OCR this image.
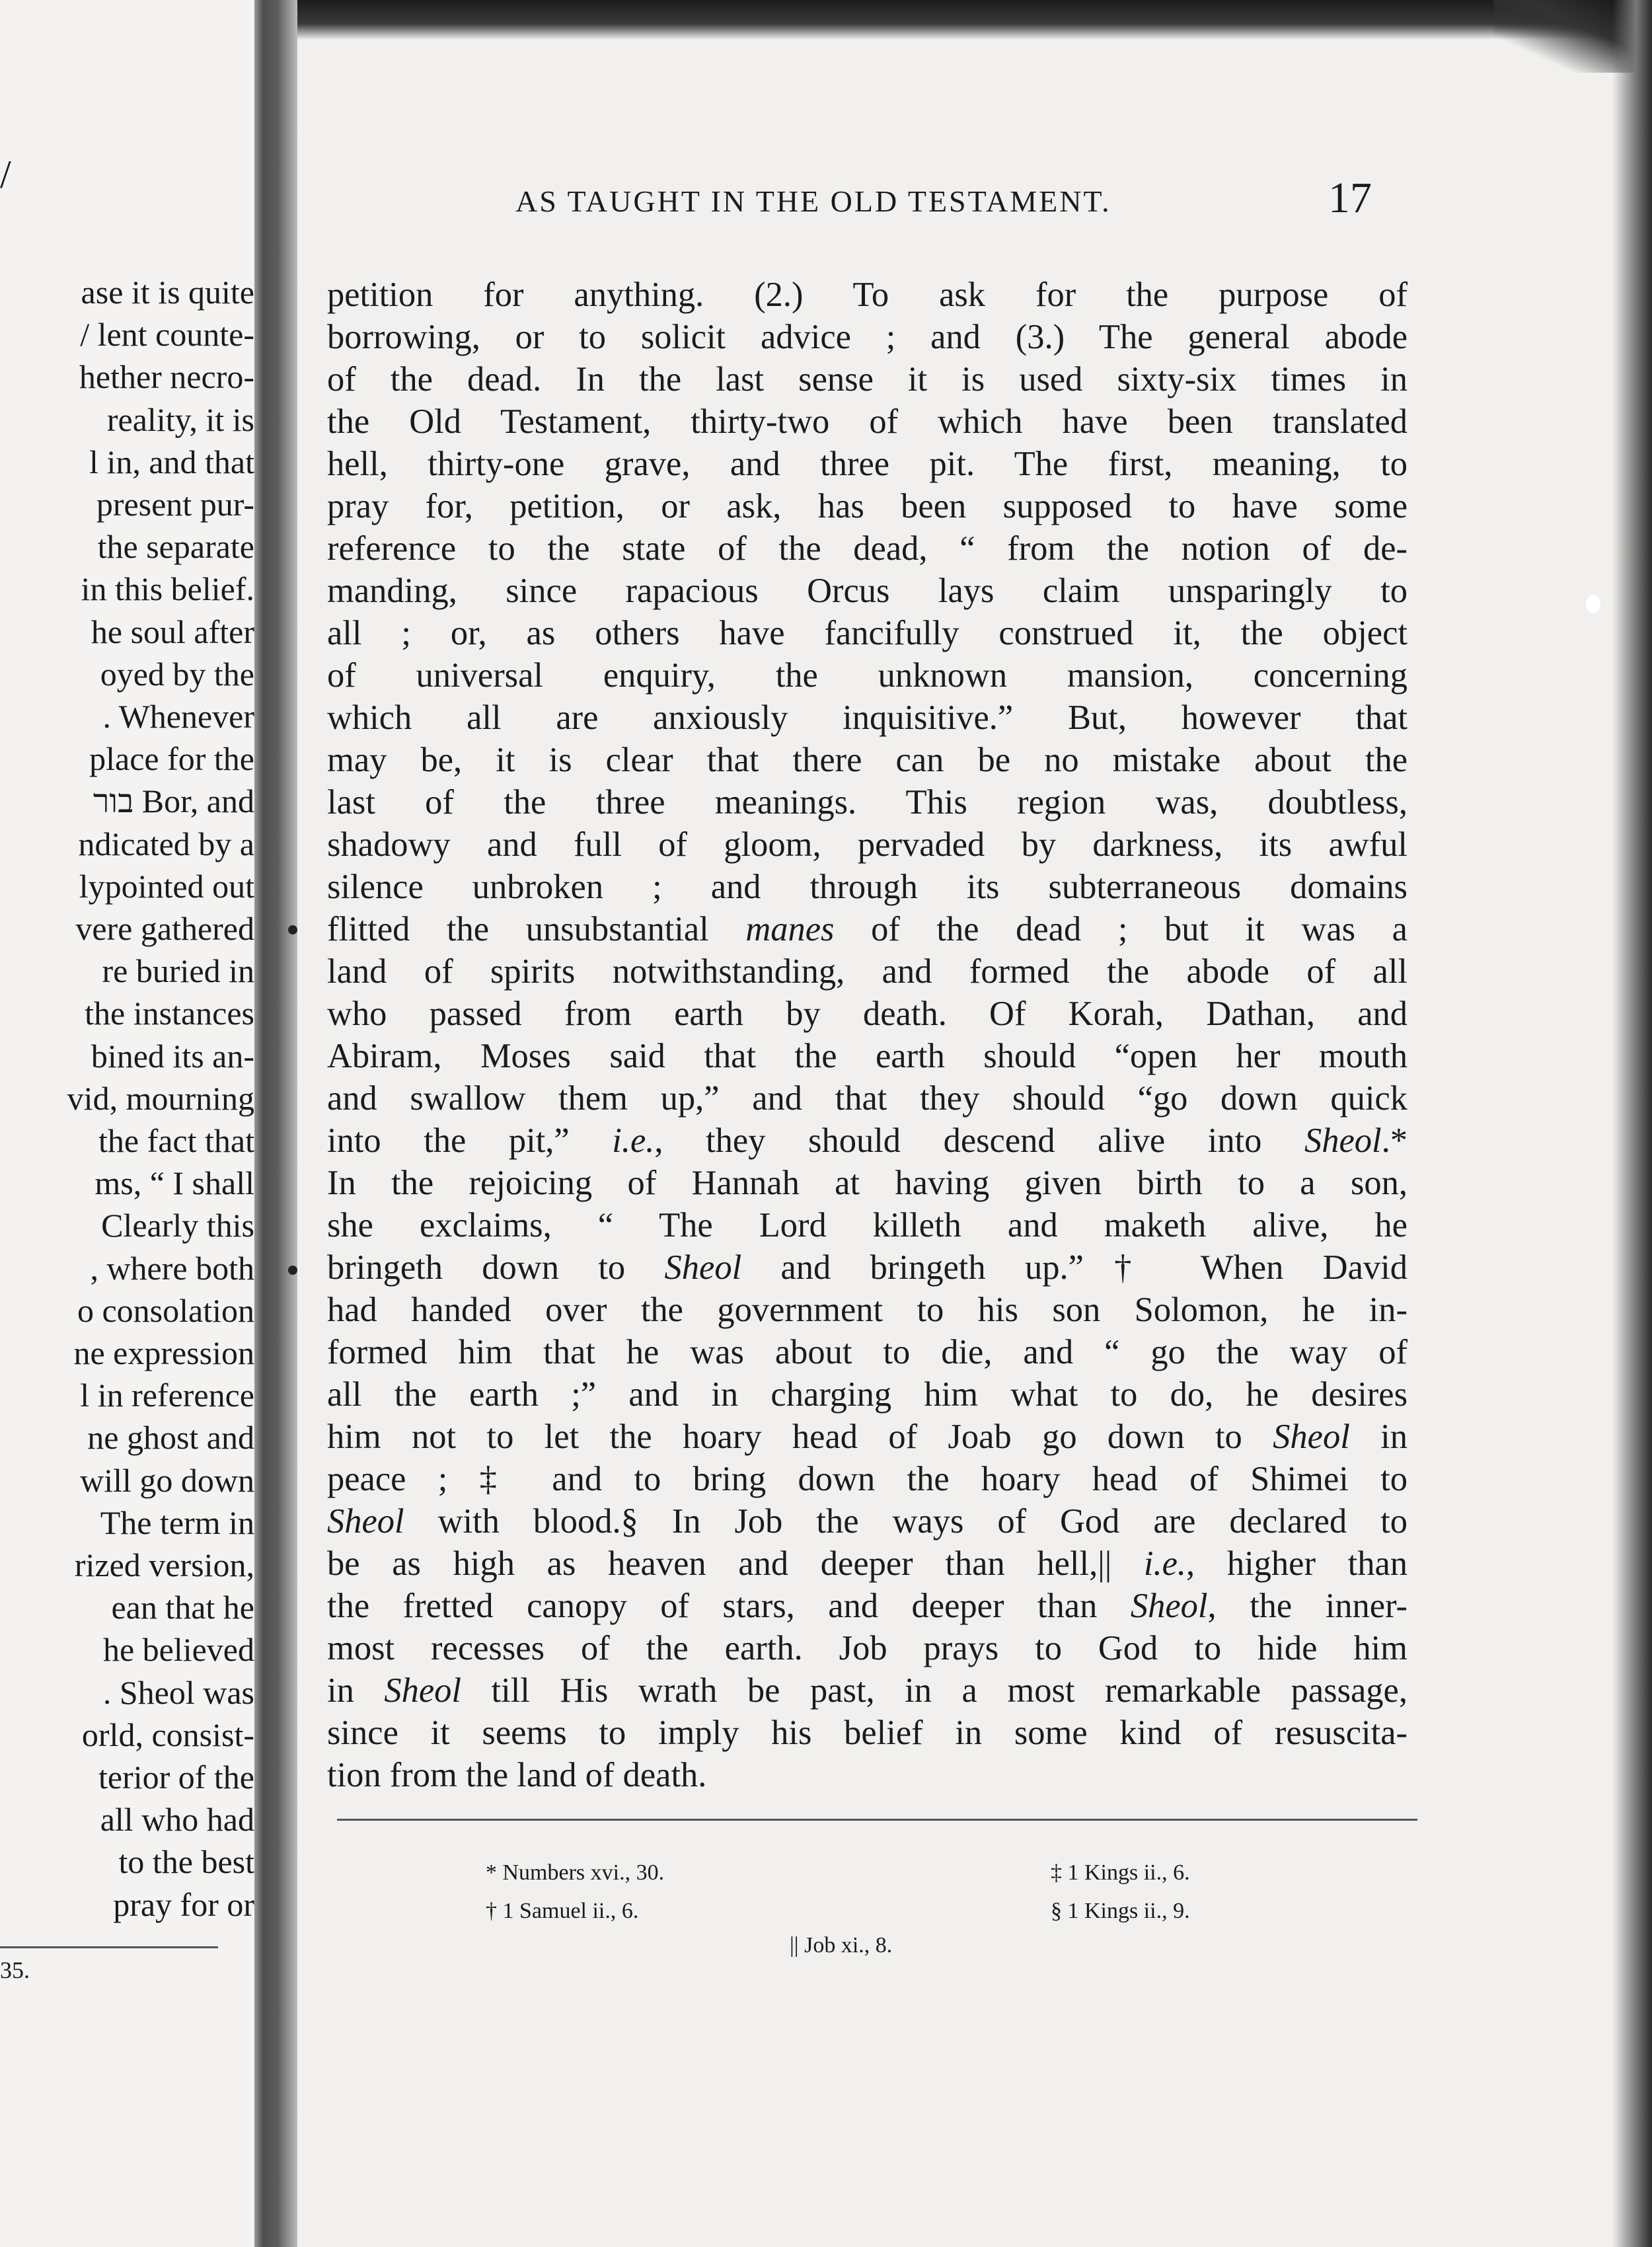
/
ase it is quite
/ lent counte-
hether necro-
reality, it is
l in, and that
present pur-
the separate
in this belief.
he soul after
oyed by the
. Whenever
place for the
בור Bor, and
ndicated by a
lypointed out
vere gathered
re buried in
the instances
bined its an-
vid, mourning
the fact that
ms, “ I shall
Clearly this
, where both
o consolation
ne expression
l in reference
ne ghost and
will go down
The term in
rized version,
ean that he
he believed
. Sheol was
orld, consist-
terior of the
all who had
to the best
pray for or
35.
AS TAUGHT IN THE OLD TESTAMENT.	17
petition for anything. (2.) To ask for the purpose of
borrowing, or to solicit advice ; and (3.) The general abode
of the dead. In the last sense it is used sixty-six times in
the Old Testament, thirty-two of which have been translated
hell, thirty-one grave, and three pit. The first, meaning, to
pray for, petition, or ask, has been supposed to have some
reference to the state of the dead, “ from the notion of de-
manding, since rapacious Orcus lays claim unsparingly to
all ; or, as others have fancifully construed it, the object
of universal enquiry, the unknown mansion, concerning
which all are anxiously inquisitive.” But, however that
may be, it is clear that there can be no mistake about the
last of the three meanings. This region was, doubtless,
shadowy and full of gloom, pervaded by darkness, its awful
silence unbroken ; and through its subterraneous domains
flitted the unsubstantial manes of the dead ; but it was a
land of spirits notwithstanding, and formed the abode of all
who passed from earth by death. Of Korah, Dathan, and
Abiram, Moses said that the earth should “open her mouth
and swallow them up,” and that they should “go down quick
into the pit,” i.e., they should descend alive into Sheol.*
In the rejoicing of Hannah at having given birth to a son,
she exclaims, “ The Lord killeth and maketh alive, he
bringeth down to Sheol and bringeth up.”† When David
had handed over the government to his son Solomon, he in-
formed him that he was about to die, and “ go the way of
all the earth ;” and in charging him what to do, he desires
him not to let the hoary head of Joab go down to Sheol in
peace ; ‡ and to bring down the hoary head of Shimei to
Sheol with blood.§ In Job the ways of God are declared to
be as high as heaven and deeper than hell,|| i.e., higher than
the fretted canopy of stars, and deeper than Sheol, the inner-
most recesses of the earth. Job prays to God to hide him
in Sheol till His wrath be past, in a most remarkable passage,
since it seems to imply his belief in some kind of resuscita-
tion from the land of death.
* Numbers xvi., 30.
† 1 Samuel ii., 6.
‡ 1 Kings ii., 6.
§ 1 Kings ii., 9.
|| Job xi., 8.
